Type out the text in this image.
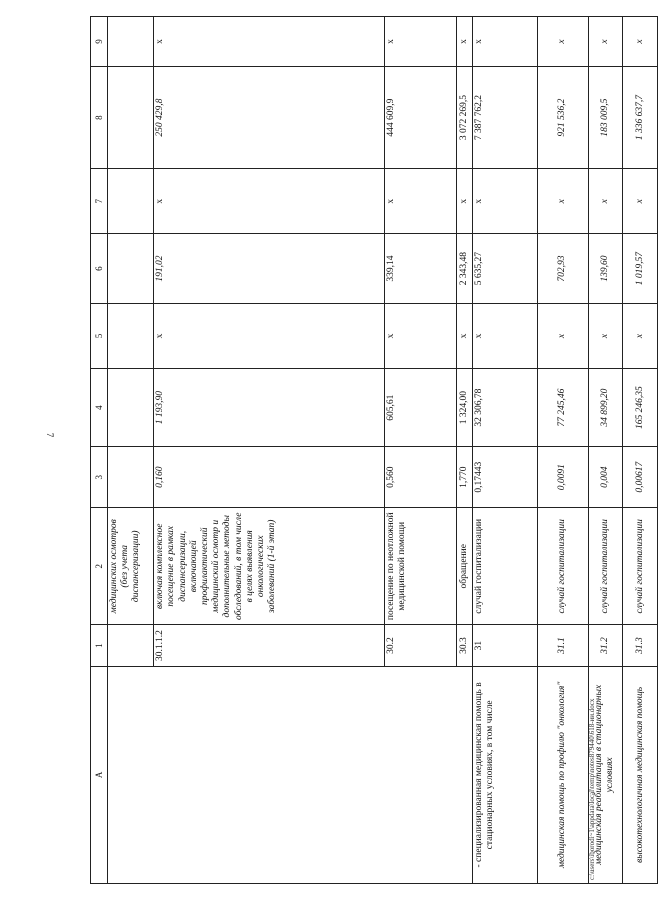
7
А	1	2	3	4	5	6	7	8	9
		медицинских осмотров (без учета диспансеризации)							
	30.1.1.2	включая комплексное посещение в рамках диспансеризации, включающей профилактический медицинский осмотр и дополнительные методы обследований, в том числе в целях выявления онкологических заболеваний (1-й этап)	0,160	1 193,90	x	191,02	x	250 429,8	x
	30.2	посещение по неотложной медицинской помощи	0,560	605,61	x	339,14	x	444 609,9	x
	30.3	обращение	1,770	1 324,00	x	2 343,48	x	3 072 269,5	x
- специализированная медицинская помощь в стационарных условиях, в том числе	31	случай госпитализации	0,17443	32 306,78	x	5 635,27	x	7 387 762,2	x
медицинская помощь по профилю "онкология"	31.1	случай госпитализации	0,0091	77 245,46	x	702,93	x	921 536,2	x
медицинская реабилитация в стационарных условиях	31.2	случай госпитализации	0,004	34 899,20	x	139,60	x	183 009,5	x
высокотехнологичная медицинская помощь	31.3	случай госпитализации	0,00617	165 246,35	x	1 019,57	x	1 336 637,7	x
c:\users\iborodi~1\appdata\local\temp\notes879440\618-ии.docx
